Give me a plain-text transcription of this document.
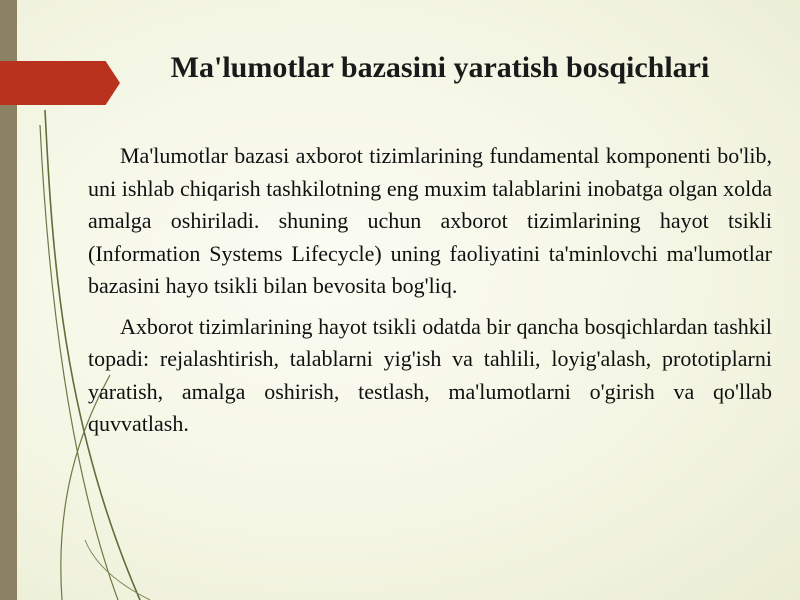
Ma'lumotlar bazasini yaratish bosqichlari

Ma'lumotlar bazasi axborot tizimlarining fundamental komponenti bo'lib, uni ishlab chiqarish tashkilotning eng muxim talablarini inobatga olgan xolda amalga oshiriladi. shuning uchun axborot tizimlarining hayot tsikli (Information Systems Lifecycle) uning faoliyatini ta'minlovchi ma'lumotlar bazasini hayo tsikli bilan bevosita bog'liq.

Axborot tizimlarining hayot tsikli odatda bir qancha bosqichlardan tashkil topadi: rejalashtirish, talablarni yig'ish va tahlili, loyig'alash, prototiplarni yaratish, amalga oshirish, testlash, ma'lumotlarni o'girish va qo'llab quvvatlash.
